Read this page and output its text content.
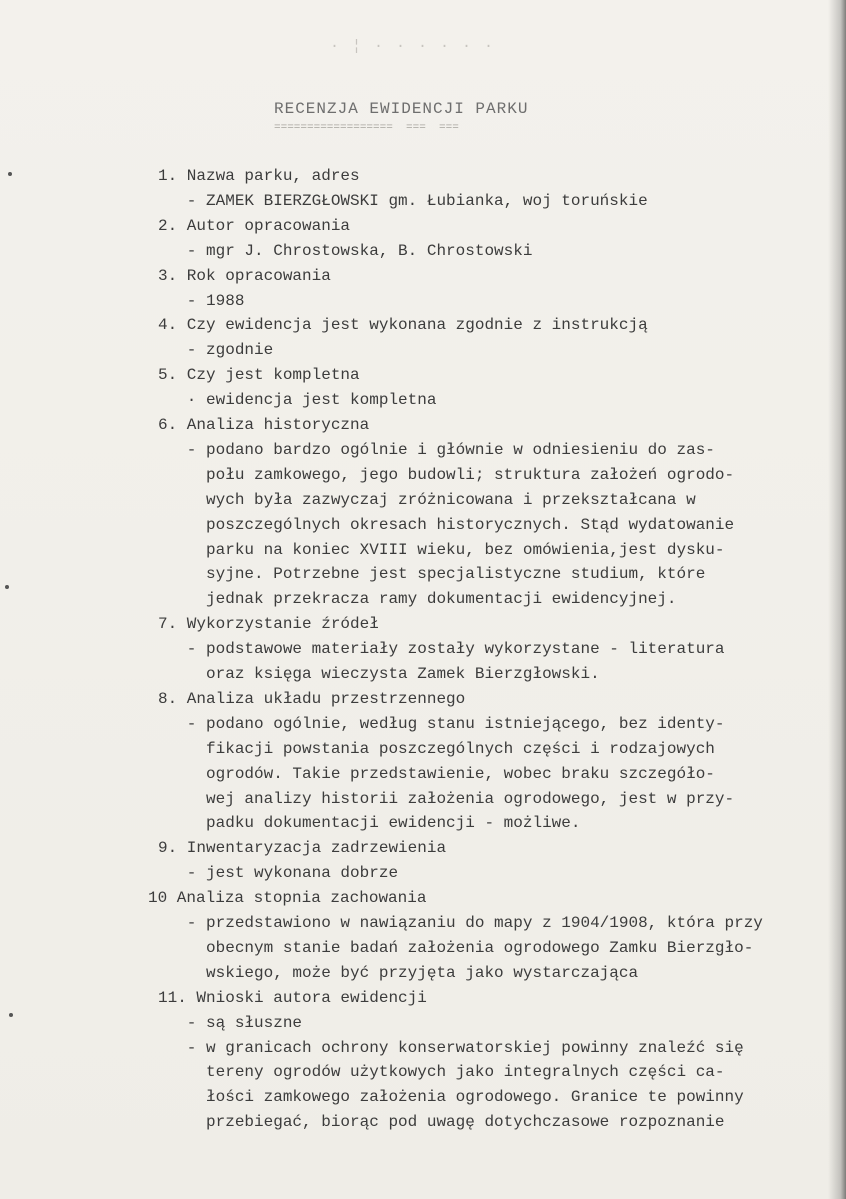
· ¦ · · · · · ·
RECENZJA EWIDENCJI PARKU
==================  ===  ===
1. Nazwa parku, adres
- ZAMEK BIERZGŁOWSKI gm. Łubianka, woj toruńskie
2. Autor opracowania
- mgr J. Chrostowska, B. Chrostowski
3. Rok opracowania
- 1988
4. Czy ewidencja jest wykonana zgodnie z instrukcją
- zgodnie
5. Czy jest kompletna
· ewidencja jest kompletna
6. Analiza historyczna
- podano bardzo ogólnie i głównie w odniesieniu do zas-
połu zamkowego, jego budowli; struktura założeń ogrodo-
wych była zazwyczaj zróżnicowana i przekształcana w
poszczególnych okresach historycznych. Stąd wydatowanie
parku na koniec XVIII wieku, bez omówienia,jest dysku-
syjne. Potrzebne jest specjalistyczne studium, które
jednak przekracza ramy dokumentacji ewidencyjnej.
7. Wykorzystanie źródeł
- podstawowe materiały zostały wykorzystane - literatura
oraz księga wieczysta Zamek Bierzgłowski.
8. Analiza układu przestrzennego
- podano ogólnie, według stanu istniejącego, bez identy-
fikacji powstania poszczególnych części i rodzajowych
ogrodów. Takie przedstawienie, wobec braku szczegóło-
wej analizy historii założenia ogrodowego, jest w przy-
padku dokumentacji ewidencji - możliwe.
9. Inwentaryzacja zadrzewienia
- jest wykonana dobrze
10 Analiza stopnia zachowania
- przedstawiono w nawiązaniu do mapy z 1904/1908, która przy
obecnym stanie badań założenia ogrodowego Zamku Bierzgło-
wskiego, może być przyjęta jako wystarczająca
11. Wnioski autora ewidencji
- są słuszne
- w granicach ochrony konserwatorskiej powinny znaleźć się
tereny ogrodów użytkowych jako integralnych części ca-
łości zamkowego założenia ogrodowego. Granice te powinny
przebiegać, biorąc pod uwagę dotychczasowe rozpoznanie
